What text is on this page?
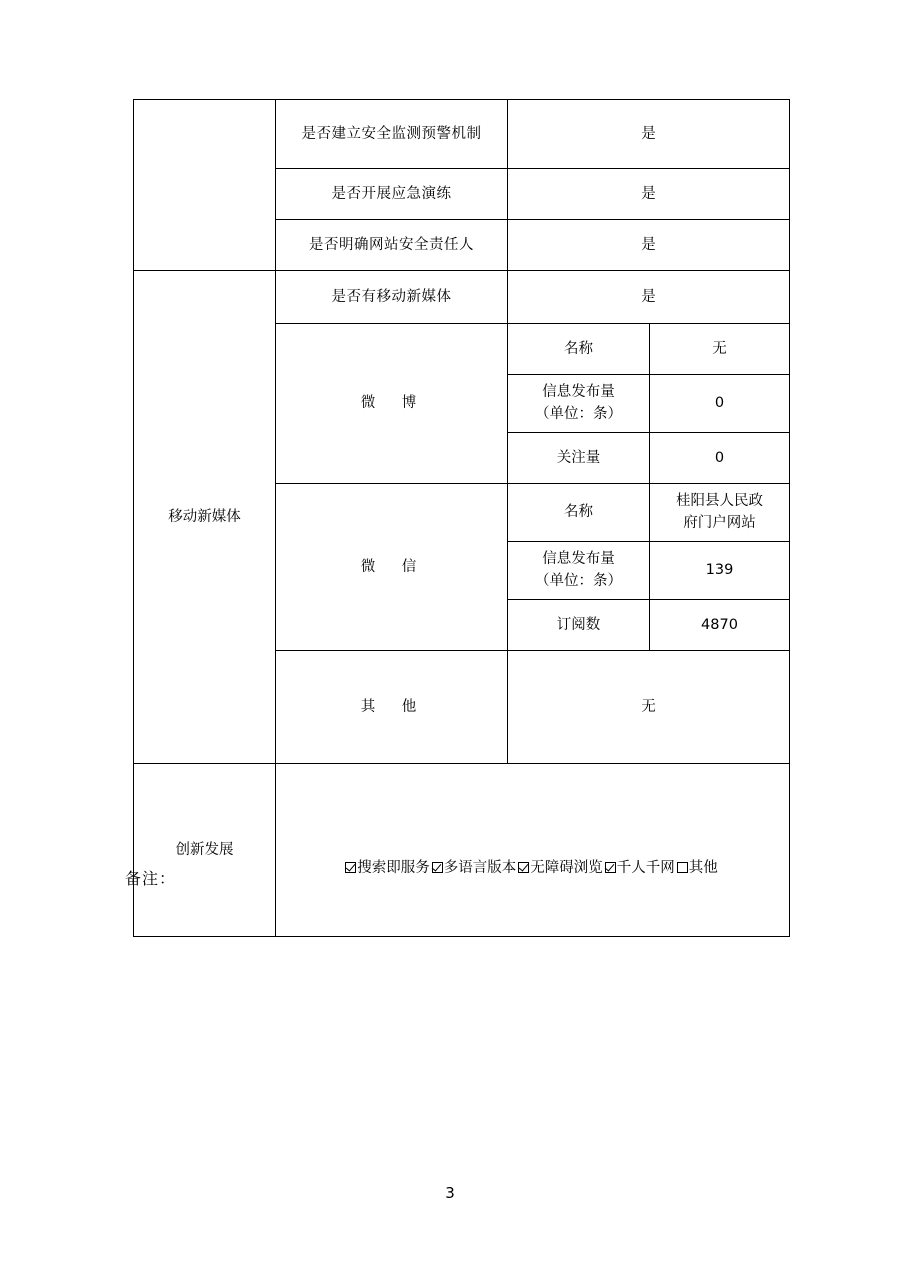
	是否建立安全监测预警机制	是	
	是否开展应急演练	是	
	是否明确网站安全责任人	是	
移动新媒体	是否有移动新媒体	是	
	微　博	名称	无
		信息发布量
（单位：条）	0
		关注量	0
	微　信	名称	桂阳县人民政
府门户网站
		信息发布量
（单位：条）	139
		订阅数	4870
	其　他	无	
创新发展	搜索即服务 多语言版本 无障碍浏览 千人千网 其他		
备注：
3
